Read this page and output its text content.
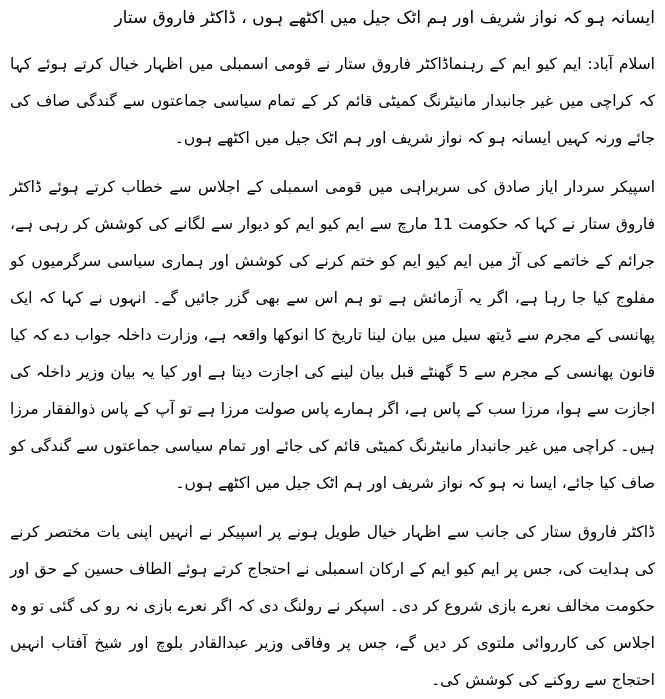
ایسانہ ہو کہ نواز شریف اور ہم اٹک جیل میں اکٹھے ہوں ، ڈاکٹر فاروق ستار

اسلام آباد: ایم کیو ایم کے رہنماڈاکٹر فاروق ستار نے قومی اسمبلی میں اظہار خیال کرتے ہوئے کہا کہ کراچی میں غیر جانبدار مانیٹرنگ کمیٹی قائم کر کے تمام سیاسی جماعتوں سے گندگی صاف کی جائے ورنہ کہیں ایسانہ ہو کہ نواز شریف اور ہم اٹک جیل میں اکٹھے ہوں۔

اسپیکر سردار ایاز صادق کی سربراہی میں قومی اسمبلی کے اجلاس سے خطاب کرتے ہوئے ڈاکٹر فاروق ستار نے کہا کہ حکومت 11 مارچ سے ایم کیو ایم کو دیوار سے لگانے کی کوشش کر رہی ہے، جرائم کے خاتمے کی آڑ میں ایم کیو ایم کو ختم کرنے کی کوشش اور ہماری سیاسی سرگرمیوں کو مفلوج کیا جا رہا ہے، اگر یہ آزمائش ہے تو ہم اس سے بھی گزر جائیں گے۔ انہوں نے کہا کہ ایک پھانسی کے مجرم سے ڈیتھ سیل میں بیان لینا تاریخ کا انوکھا واقعہ ہے، وزارت داخلہ جواب دے کہ کیا قانون پھانسی کے مجرم سے 5 گھنٹے قبل بیان لینے کی اجازت دیتا ہے اور کیا یہ بیان وزیر داخلہ کی اجازت سے ہوا، مرزا سب کے پاس ہے، اگر ہمارے پاس صولت مرزا ہے تو آپ کے پاس ذوالفقار مرزا ہیں۔ کراچی میں غیر جانبدار مانیٹرنگ کمیٹی قائم کی جائے اور تمام سیاسی جماعتوں سے گندگی کو صاف کیا جائے، ایسا نہ ہو کہ نواز شریف اور ہم اٹک جیل میں اکٹھے ہوں۔

ڈاکٹر فاروق ستار کی جانب سے اظہار خیال طویل ہونے پر اسپیکر نے انہیں اپنی بات مختصر کرنے کی ہدایت کی، جس پر ایم کیو ایم کے ارکان اسمبلی نے احتجاج کرتے ہوئے الطاف حسین کے حق اور حکومت مخالف نعرے بازی شروع کر دی۔ اسپکر نے رولنگ دی کہ اگر نعرے بازی نہ رو کی گئی تو وہ اجلاس کی کارروائی ملتوی کر دیں گے، جس پر وفاقی وزیر عبدالقادر بلوچ اور شیخ آفتاب انہیں احتجاج سے روکنے کی کوشش کی۔
